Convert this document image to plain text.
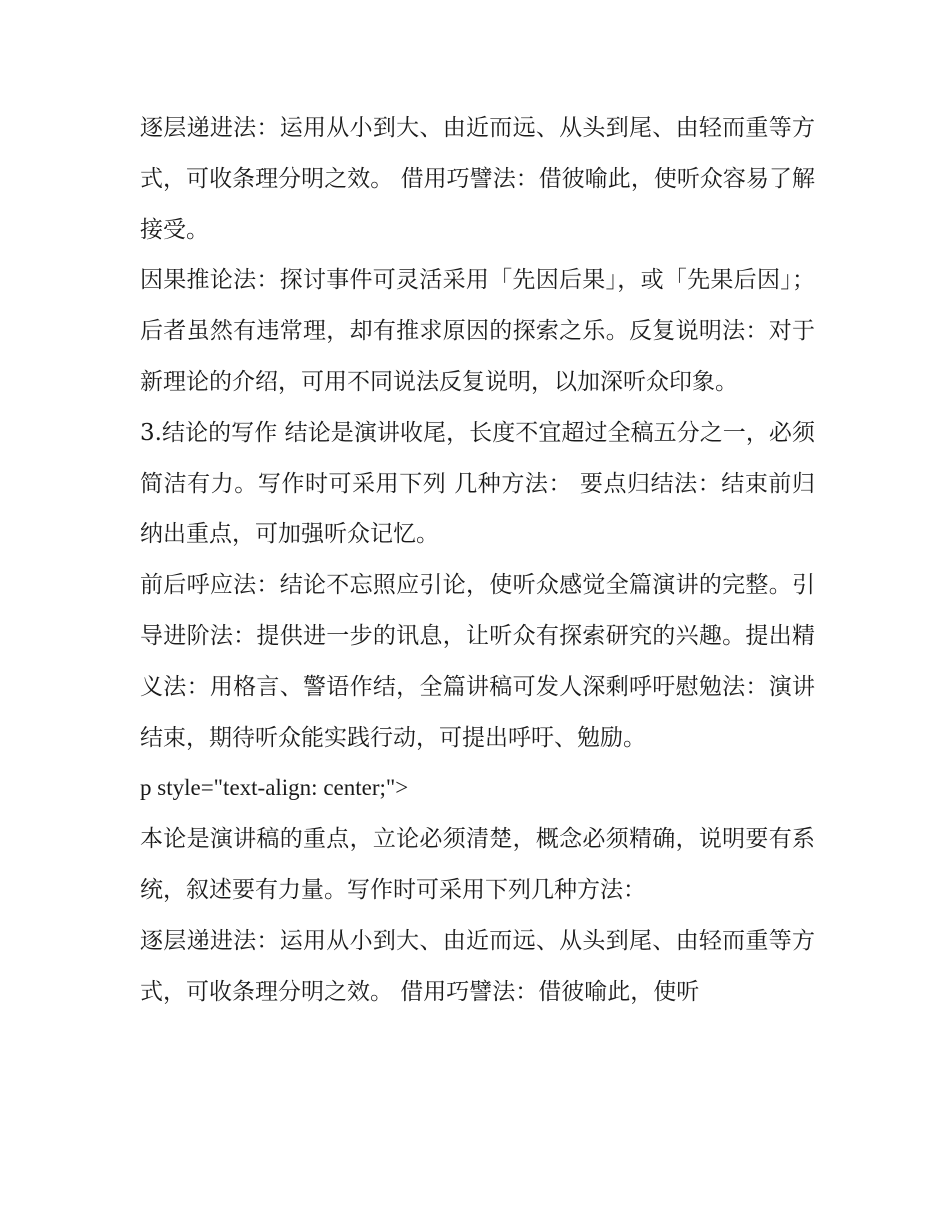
逐层递进法：运用从小到大、由近而远、从头到尾、由轻而重等方式，可收条理分明之效。 借用巧譬法：借彼喻此，使听众容易了解接受。

因果推论法：探讨事件可灵活采用「先因后果」，或「先果后因」；后者虽然有违常理，却有推求原因的探索之乐。反复说明法：对于新理论的介绍，可用不同说法反复说明，以加深听众印象。

3.结论的写作 结论是演讲收尾，长度不宜超过全稿五分之一，必须简洁有力。写作时可采用下列 几种方法： 要点归结法：结束前归纳出重点，可加强听众记忆。

前后呼应法：结论不忘照应引论，使听众感觉全篇演讲的完整。引导进阶法：提供进一步的讯息，让听众有探索研究的兴趣。提出精义法：用格言、警语作结，全篇讲稿可发人深剩呼吁慰勉法：演讲结束，期待听众能实践行动，可提出呼吁、勉励。

p style="text-align: center;">

本论是演讲稿的重点，立论必须清楚，概念必须精确，说明要有系统，叙述要有力量。写作时可采用下列几种方法：

逐层递进法：运用从小到大、由近而远、从头到尾、由轻而重等方式，可收条理分明之效。 借用巧譬法：借彼喻此，使听
